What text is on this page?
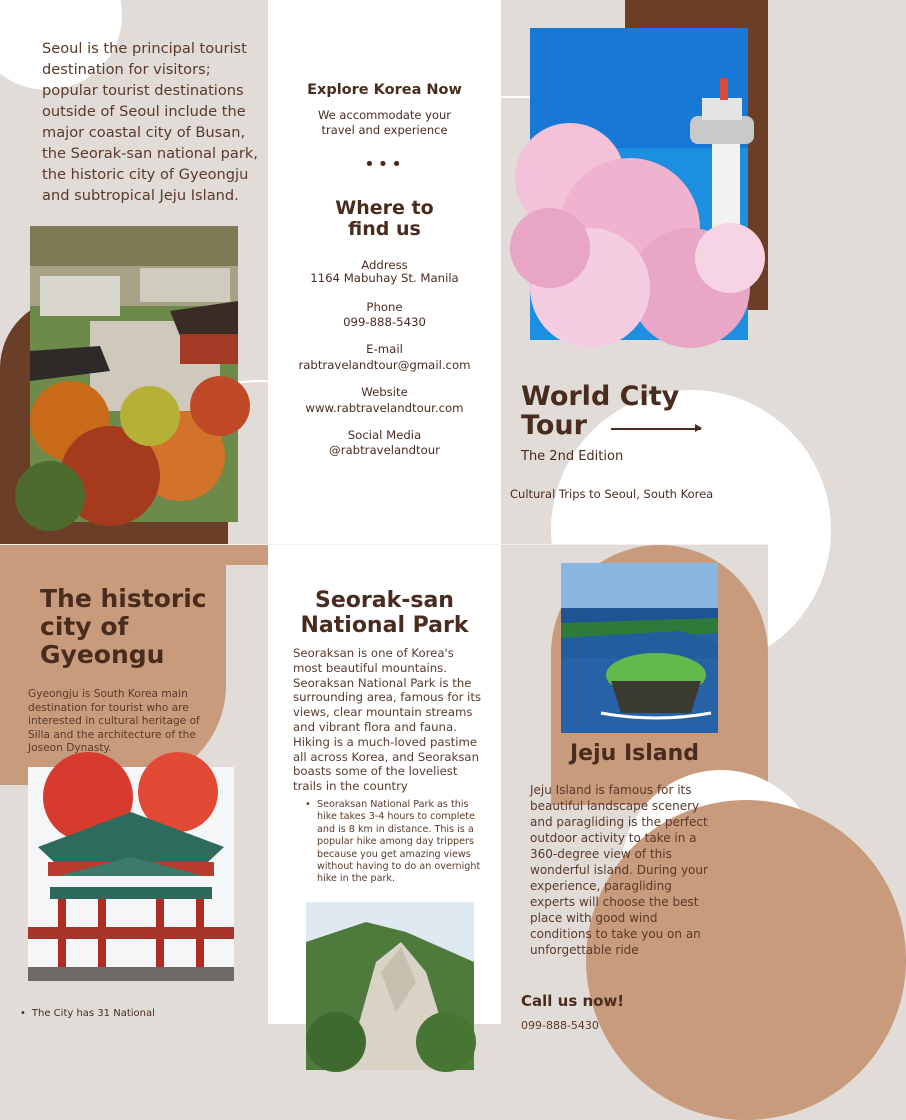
Seoul is the principal tourist destination for visitors; popular tourist destinations outside of Seoul include the major coastal city of Busan, the Seorak-san national park, the historic city of Gyeongju and subtropical Jeju Island.

Explore Korea Now
We accommodate your travel and experience
•••
Where to find us
Address
1164 Mabuhay St. Manila
Phone
099-888-5430
E-mail
rabtravelandtour@gmail.com
Website
www.rabtravelandtour.com
Social Media
@rabtravelandtour
World City
Tour
The 2nd Edition
Cultural Trips to Seoul, South Korea
The historic city of Gyeongu

Gyeongju is South Korea main destination for tourist who are interested in cultural heritage of Silla and the architecture of the Joseon Dynasty.

• The City has 31 National
Seorak-san National Park

Seoraksan is one of Korea's most beautiful mountains. Seoraksan National Park is the surrounding area, famous for its views, clear mountain streams and vibrant flora and fauna. Hiking is a much-loved pastime all across Korea, and Seoraksan boasts some of the loveliest trails in the country

• Seoraksan National Park as this hike takes 3-4 hours to complete and is 8 km in distance. This is a popular hike among day trippers because you get amazing views without having to do an overnight hike in the park.
Jeju Island

Jeju Island is famous for its beautiful landscape scenery and paragliding is the perfect outdoor activity to take in a 360-degree view of this wonderful island. During your experience, paragliding experts will choose the best place with good wind conditions to take you on an unforgettable ride

Call us now!
099-888-5430
